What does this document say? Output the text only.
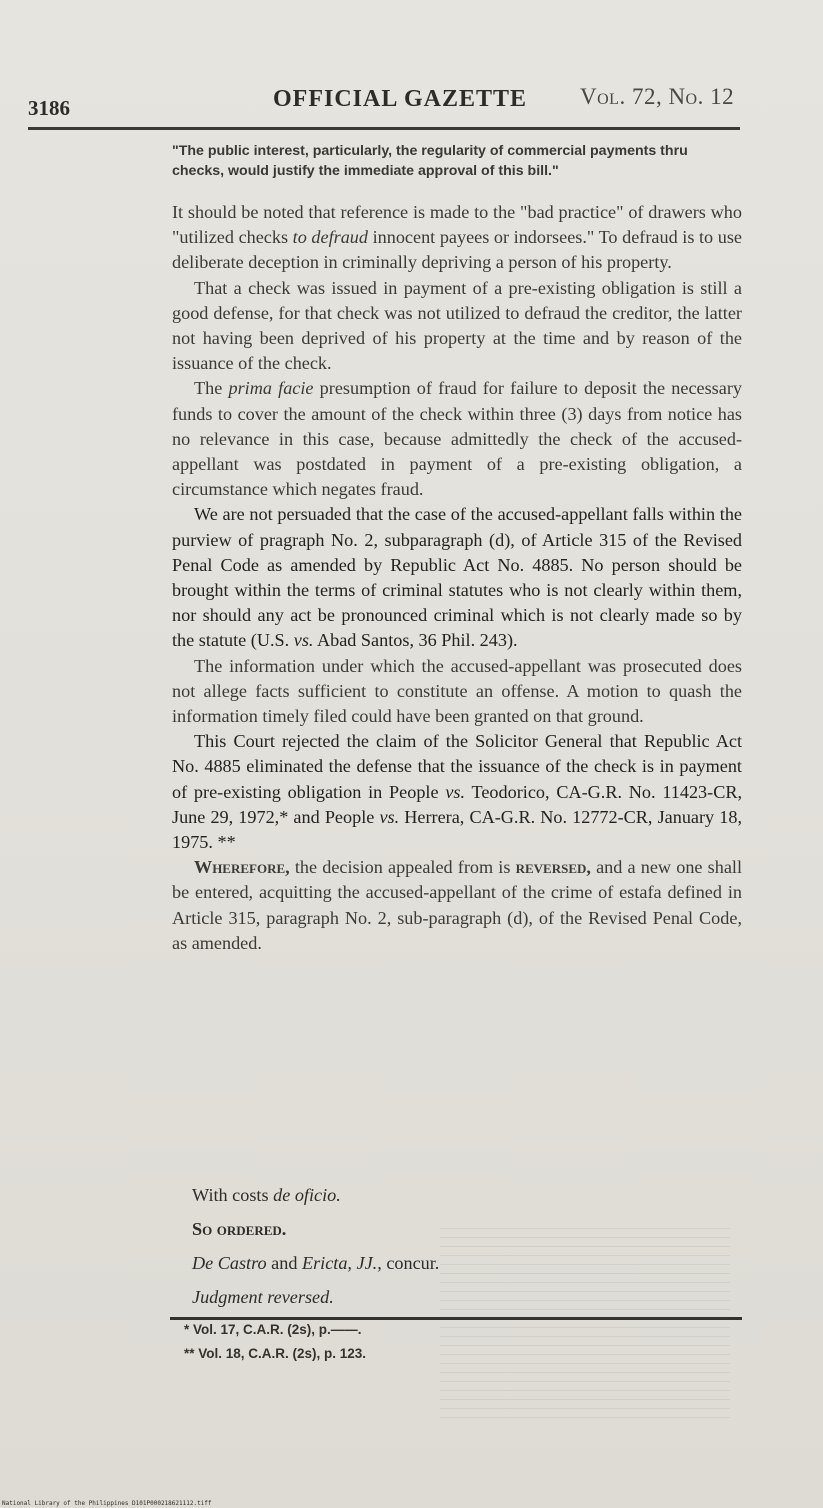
3186	OFFICIAL GAZETTE Vol. 72, No. 12
"The public interest, particularly, the regularity of commercial payments thru checks, would justify the immediate approval of this bill."

It should be noted that reference is made to the "bad practice" of drawers who "utilized checks to defraud innocent payees or indorsees." To defraud is to use deliberate deception in criminally depriving a person of his property.

That a check was issued in payment of a pre-existing obligation is still a good defense, for that check was not utilized to defraud the creditor, the latter not having been deprived of his property at the time and by reason of the issuance of the check.

The prima facie presumption of fraud for failure to deposit the necessary funds to cover the amount of the check within three (3) days from notice has no relevance in this case, because admittedly the check of the accused-appellant was postdated in payment of a pre-existing obligation, a circumstance which negates fraud.

We are not persuaded that the case of the accused-appellant falls within the purview of pragraph No. 2, subparagraph (d), of Article 315 of the Revised Penal Code as amended by Republic Act No. 4885. No person should be brought within the terms of criminal statutes who is not clearly within them, nor should any act be pronounced criminal which is not clearly made so by the statute (U.S. vs. Abad Santos, 36 Phil. 243).

The information under which the accused-appellant was prosecuted does not allege facts sufficient to constitute an offense. A motion to quash the information timely filed could have been granted on that ground.

This Court rejected the claim of the Solicitor General that Republic Act No. 4885 eliminated the defense that the issuance of the check is in payment of pre-existing obligation in People vs. Teodorico, CA-G.R. No. 11423-CR, June 29, 1972,* and People vs. Herrera, CA-G.R. No. 12772-CR, January 18, 1975. **

Wherefore, the decision appealed from is reversed, and a new one shall be entered, acquitting the accused-appellant of the crime of estafa defined in Article 315, paragraph No. 2, sub-paragraph (d), of the Revised Penal Code, as amended.

With costs de oficio.
So ordered.
De Castro and Ericta, JJ., concur.
Judgment reversed.
* Vol. 17, C.A.R. (2s), p.——.
** Vol. 18, C.A.R. (2s), p. 123.
National Library of the Philippines D101P000218621112.tiff
